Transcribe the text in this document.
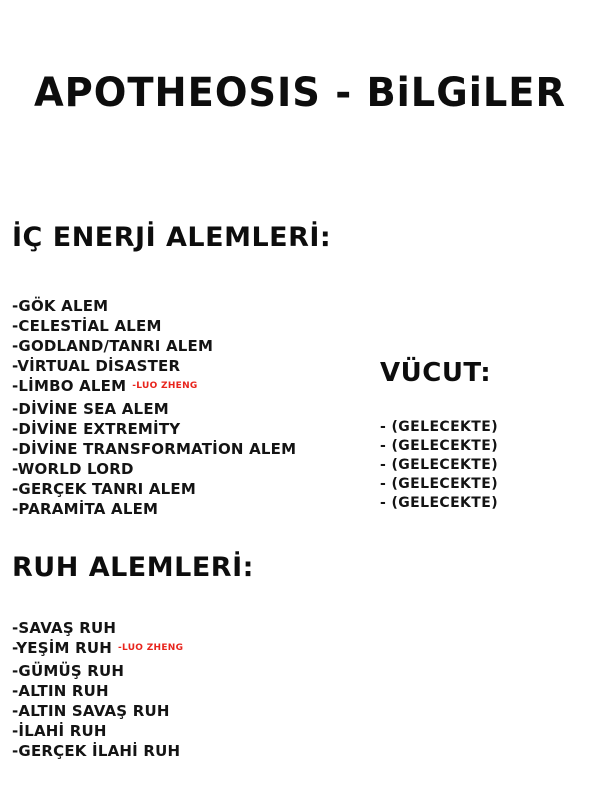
APOTHEOSIS - BiLGiLER
İÇ ENERJİ ALEMLERİ:
-GÖK ALEM
-CELESTİAL ALEM
-GODLAND/TANRI ALEM
-VİRTUAL DİSASTER
-LİMBO ALEM $^{-LUO ZHENG}$
-DİVİNE SEA ALEM
-DİVİNE EXTREMİTY
-DİVİNE TRANSFORMATİON ALEM
-WORLD LORD
-GERÇEK TANRI ALEM
-PARAMİTA ALEM
VÜCUT:
- (GELECEKTE)
- (GELECEKTE)
- (GELECEKTE)
- (GELECEKTE)
- (GELECEKTE)
RUH ALEMLERİ:
-SAVAŞ RUH
-YEŞİM RUH $^{-LUO ZHENG}$
-GÜMÜŞ RUH
-ALTIN RUH
-ALTIN SAVAŞ RUH
-İLAHİ RUH
-GERÇEK İLAHİ RUH
